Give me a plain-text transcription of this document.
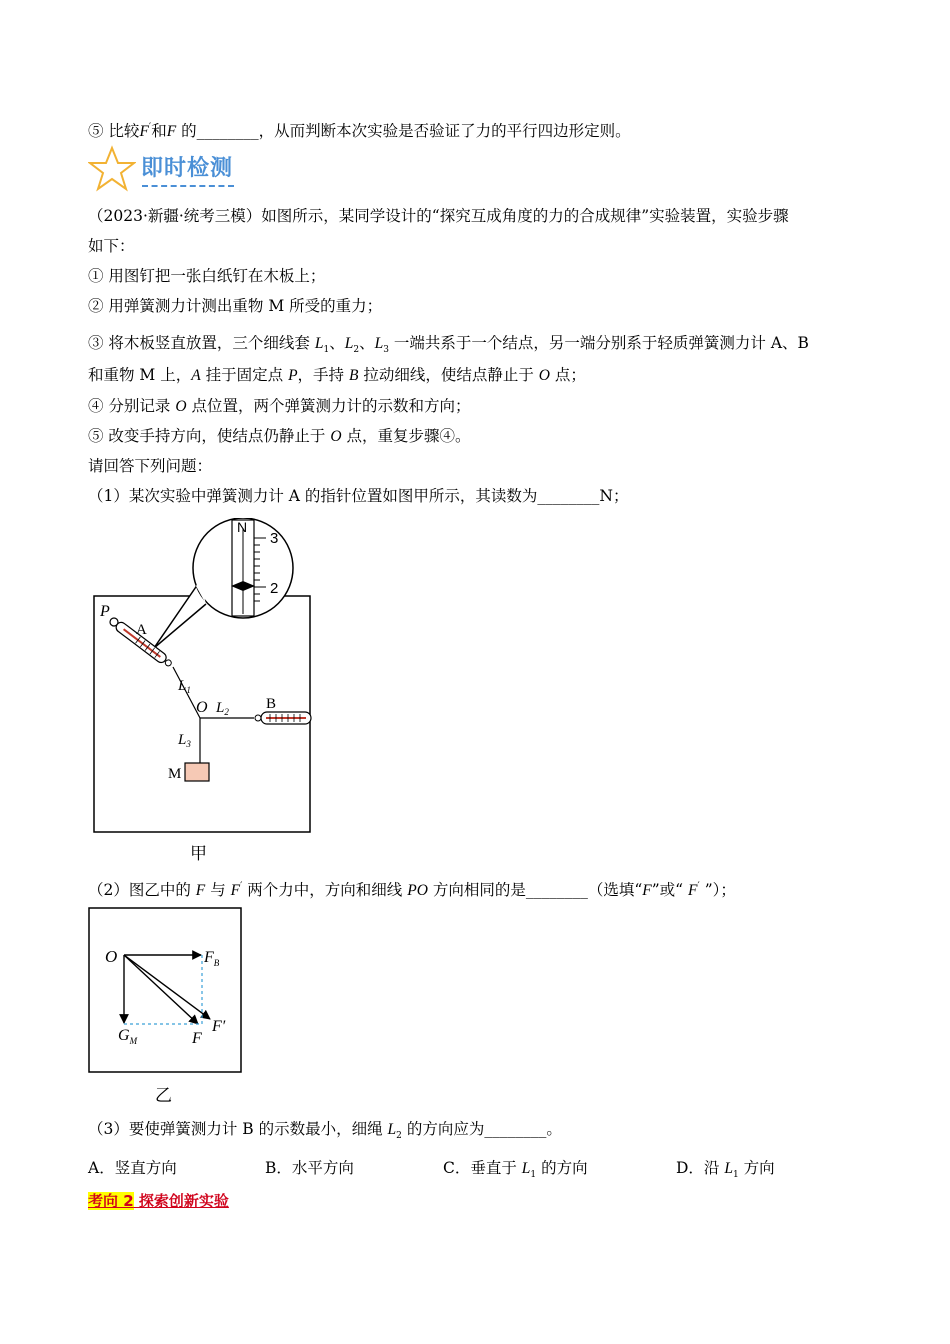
⑤ 比较F′和F 的________，从而判断本次实验是否验证了力的平行四边形定则。
即时检测
（2023·新疆·统考三模）如图所示，某同学设计的“探究互成角度的力的合成规律”实验装置，实验步骤
如下：
① 用图钉把一张白纸钉在木板上；
② 用弹簧测力计测出重物 M 所受的重力；
③ 将木板竖直放置，三个细线套 $L_1$、$L_2$、$L_3$ 一端共系于一个结点，另一端分别系于轻质弹簧测力计 A、B
和重物 M 上，A 挂于固定点 P，手持 B 拉动细线，使结点静止于 O 点；
④ 分别记录 O 点位置，两个弹簧测力计的示数和方向；
⑤ 改变手持方向，使结点仍静止于 O 点，重复步骤④。
请回答下列问题：
（1）某次实验中弹簧测力计 A 的指针位置如图甲所示，其读数为________N；
N
3
2
P
A
$L_1$
O $L_2$
$L_3$
B
M
甲
（2）图乙中的 F 与 F′ 两个力中，方向和细线 PO 方向相同的是________（选填“F”或“ F′ ”）；
O	$F_B$
$G_M$	F
F′
乙
（3）要使弹簧测力计 B 的示数最小，细绳 $L_2$ 的方向应为________。
A．竖直方向	B．水平方向	C．垂直于 $L_1$ 的方向	D．沿 $L_1$ 方向
考向 2 探索创新实验
